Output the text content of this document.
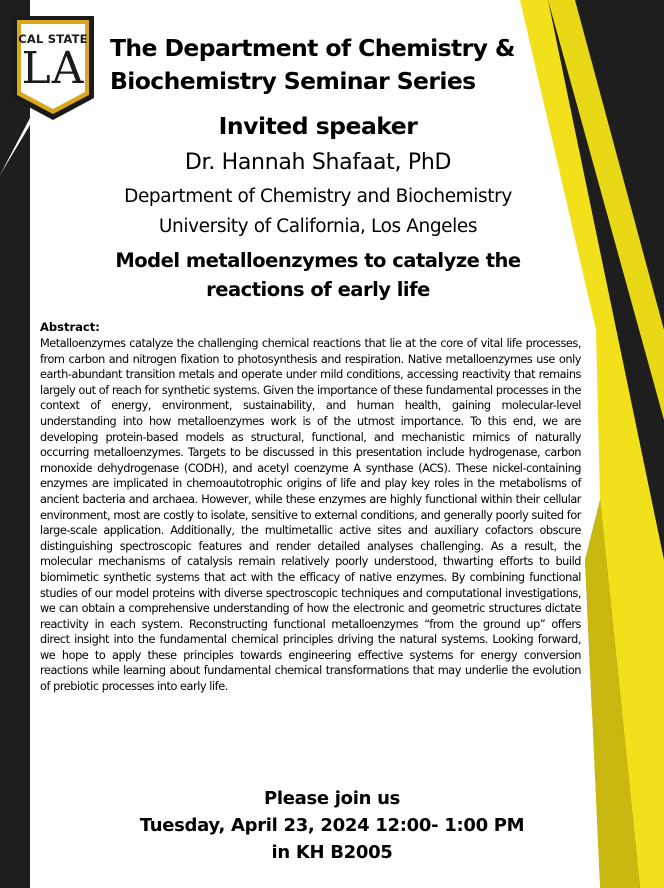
CAL STATE
LA	The Department of Chemistry &
Biochemistry Seminar Series
Invited speaker
Dr. Hannah Shafaat, PhD
Department of Chemistry and Biochemistry
University of California, Los Angeles
Model metalloenzymes to catalyze the
reactions of early life
Abstract:
Metalloenzymes catalyze the challenging chemical reactions that lie at the core of vital life processes, from carbon and nitrogen fixation to photosynthesis and respiration. Native metalloenzymes use only earth-abundant transition metals and operate under mild conditions, accessing reactivity that remains largely out of reach for synthetic systems. Given the importance of these fundamental processes in the context of energy, environment, sustainability, and human health, gaining molecular-level understanding into how metalloenzymes work is of the utmost importance. To this end, we are developing protein-based models as structural, functional, and mechanistic mimics of naturally occurring metalloenzymes. Targets to be discussed in this presentation include hydrogenase, carbon monoxide dehydrogenase (CODH), and acetyl coenzyme A synthase (ACS). These nickel-containing enzymes are implicated in chemoautotrophic origins of life and play key roles in the metabolisms of ancient bacteria and archaea. However, while these enzymes are highly functional within their cellular environment, most are costly to isolate, sensitive to external conditions, and generally poorly suited for large-scale application. Additionally, the multimetallic active sites and auxiliary cofactors obscure distinguishing spectroscopic features and render detailed analyses challenging. As a result, the molecular mechanisms of catalysis remain relatively poorly understood, thwarting efforts to build biomimetic synthetic systems that act with the efficacy of native enzymes. By combining functional studies of our model proteins with diverse spectroscopic techniques and computational investigations, we can obtain a comprehensive understanding of how the electronic and geometric structures dictate reactivity in each system. Reconstructing functional metalloenzymes “from the ground up” offers direct insight into the fundamental chemical principles driving the natural systems. Looking forward, we hope to apply these principles towards engineering effective systems for energy conversion reactions while learning about fundamental chemical transformations that may underlie the evolution of prebiotic processes into early life.
Please join us
Tuesday, April 23, 2024 12:00- 1:00 PM
in KH B2005
